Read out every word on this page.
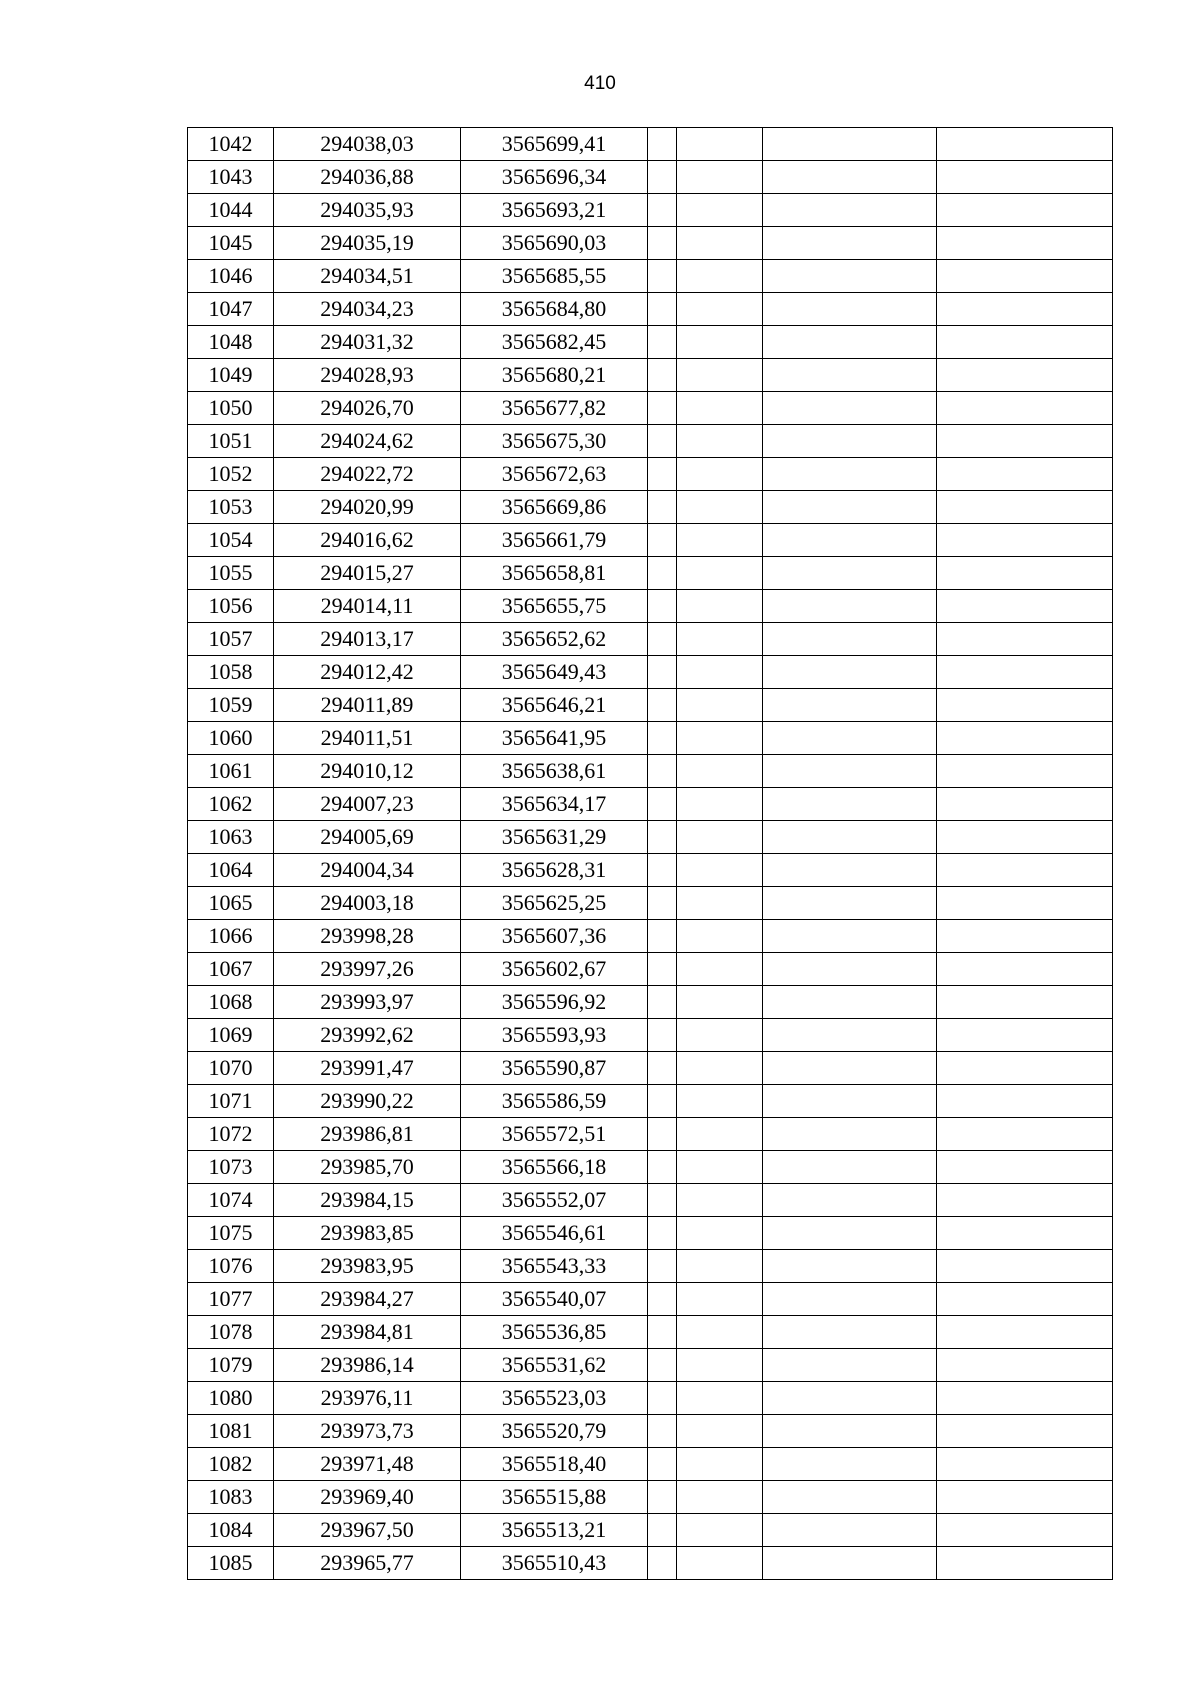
410
1042	294038,03	3565699,41				
1043	294036,88	3565696,34				
1044	294035,93	3565693,21				
1045	294035,19	3565690,03				
1046	294034,51	3565685,55				
1047	294034,23	3565684,80				
1048	294031,32	3565682,45				
1049	294028,93	3565680,21				
1050	294026,70	3565677,82				
1051	294024,62	3565675,30				
1052	294022,72	3565672,63				
1053	294020,99	3565669,86				
1054	294016,62	3565661,79				
1055	294015,27	3565658,81				
1056	294014,11	3565655,75				
1057	294013,17	3565652,62				
1058	294012,42	3565649,43				
1059	294011,89	3565646,21				
1060	294011,51	3565641,95				
1061	294010,12	3565638,61				
1062	294007,23	3565634,17				
1063	294005,69	3565631,29				
1064	294004,34	3565628,31				
1065	294003,18	3565625,25				
1066	293998,28	3565607,36				
1067	293997,26	3565602,67				
1068	293993,97	3565596,92				
1069	293992,62	3565593,93				
1070	293991,47	3565590,87				
1071	293990,22	3565586,59				
1072	293986,81	3565572,51				
1073	293985,70	3565566,18				
1074	293984,15	3565552,07				
1075	293983,85	3565546,61				
1076	293983,95	3565543,33				
1077	293984,27	3565540,07				
1078	293984,81	3565536,85				
1079	293986,14	3565531,62				
1080	293976,11	3565523,03				
1081	293973,73	3565520,79				
1082	293971,48	3565518,40				
1083	293969,40	3565515,88				
1084	293967,50	3565513,21				
1085	293965,77	3565510,43				
